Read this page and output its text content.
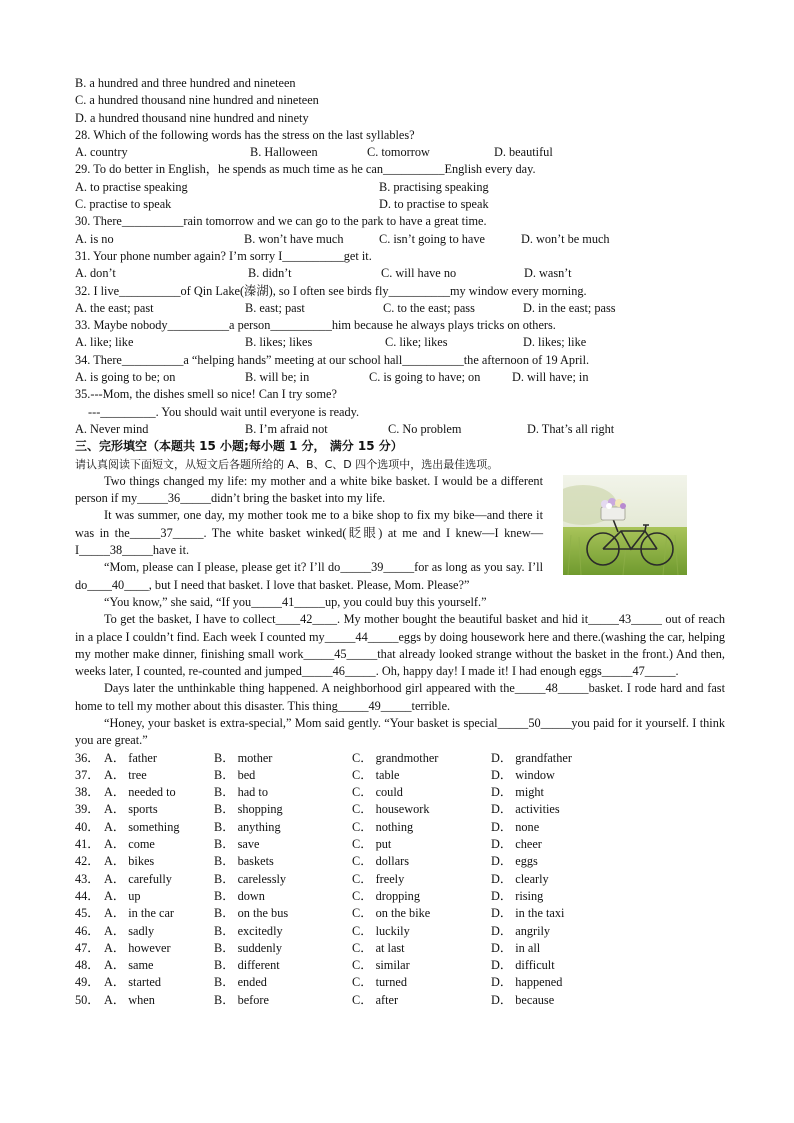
B. a hundred and three hundred and nineteen
C. a hundred thousand nine hundred and nineteen
D. a hundred thousand nine hundred and ninety
28. Which of the following words has the stress on the last syllables?
A. country	B. Halloween	C. tomorrow	D. beautiful
29. To do better in English，he spends as much time as he can__________English every day.
A. to practise speaking	B. practising speaking
C. practise to speak	D. to practise to speak
30. There__________rain tomorrow and we can go to the park to have a great time.
A. is no	B. won’t have much	C. isn’t going to have	D. won’t be much
31. Your phone number again? I’m sorry I__________get it.
A. don’t	B. didn’t	C. will have no	D. wasn’t
32. I live__________of Qin Lake(溱湖), so I often see birds fly__________my window every morning.
A. the east; past	B. east; past	C. to the east; pass	D. in the east; pass
33. Maybe nobody__________a person__________him because he always plays tricks on others.
A. like; like	B. likes; likes	C. like; likes	D. likes; like
34. There__________a “helping hands” meeting at our school hall__________the afternoon of 19 April.
A. is going to be; on	B. will be; in	C. is going to have; on	D. will have; in
35.---Mom, the dishes smell so nice! Can I try some?
---_________. You should wait until everyone is ready.
A. Never mind	B. I’m afraid not	C. No problem	D. That’s all right
三、完形填空（本题共 15 小题;每小题 1 分， 满分 15 分）
请认真阅读下面短文，从短文后各题所给的 A、B、C、D 四个选项中，选出最佳选项。
Two things changed my life: my mother and a white bike basket. I would be a different person if my_____36_____didn’t bring the basket into my life.
It was summer, one day, my mother took me to a bike shop to fix my bike—and there it was in the_____37_____. The white basket winked(眨眼) at me and I knew—I knew—I_____38_____have it.
“Mom, please can I please, please get it? I’ll do_____39_____for as long as you say. I’ll do____40____, but I need that basket. I love that basket. Please, Mom. Please?”
“You know,” she said, “If you_____41_____up, you could buy this yourself.”
To get the basket, I have to collect____42____. My mother bought the beautiful basket and hid it_____43_____ out of reach in a place I couldn’t find. Each week I counted my_____44_____eggs by doing housework here and there.(washing the car, helping my mother make dinner, finishing small work_____45_____that already looked strange without the basket in the front.) And then, weeks later, I counted, re-counted and jumped_____46_____. Oh, happy day! I made it! I had enough eggs_____47_____.
Days later the unthinkable thing happened. A neighborhood girl appeared with the_____48_____basket. I rode hard and fast home to tell my mother about this disaster. This thing_____49_____terrible.
“Honey, your basket is extra-special,” Mom said gently. “Your basket is special_____50_____you paid for it yourself. I think you are great.”
36． A． father	B． mother	C． grandmother	D． grandfather
37． A． tree	B． bed	C． table	D． window
38． A． needed to	B． had to	C． could	D． might
39． A． sports	B． shopping	C． housework	D． activities
40． A． something	B． anything	C． nothing	D． none
41． A． come	B． save	C． put	D． cheer
42． A． bikes	B． baskets	C． dollars	D． eggs
43． A． carefully	B． carelessly	C． freely	D． clearly
44． A． up	B． down	C． dropping	D． rising
45． A． in the car	B． on the bus	C． on the bike	D． in the taxi
46． A． sadly	B． excitedly	C． luckily	D． angrily
47． A． however	B． suddenly	C． at last	D． in all
48． A． same	B． different	C． similar	D． difficult
49． A． started	B． ended	C． turned	D． happened
50． A． when	B． before	C． after	D． because
